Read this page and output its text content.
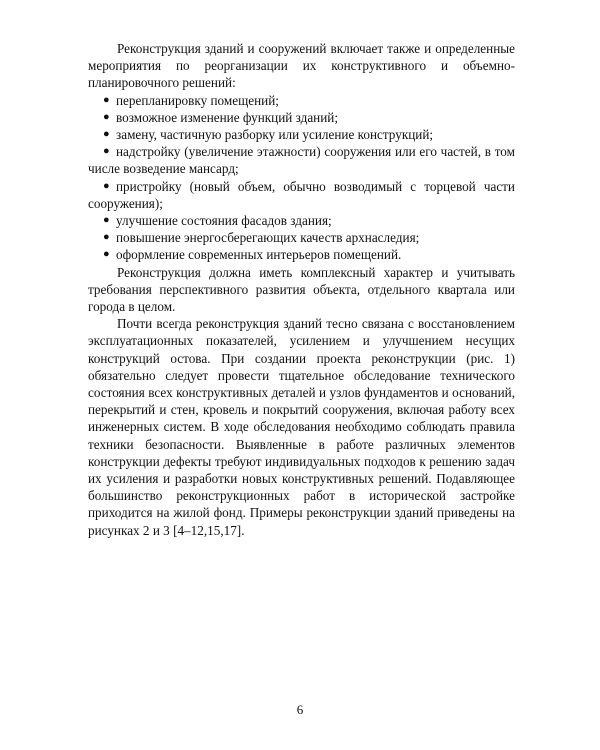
Реконструкция зданий и сооружений включает также и определенные мероприятия по реорганизации их конструктивного и объемно-планировочного решений:

● перепланировку помещений;
● возможное изменение функций зданий;
● замену, частичную разборку или усиление конструкций;
● надстройку (увеличение этажности) сооружения или его частей, в том числе возведение мансард;
● пристройку (новый объем, обычно возводимый с торцевой части сооружения);
● улучшение состояния фасадов здания;
● повышение энергосберегающих качеств архнаследия;
● оформление современных интерьеров помещений.

Реконструкция должна иметь комплексный характер и учитывать требования перспективного развития объекта, отдельного квартала или города в целом.

Почти всегда реконструкция зданий тесно связана с восстановлением эксплуатационных показателей, усилением и улучшением несущих конструкций остова. При создании проекта реконструкции (рис. 1) обязательно следует провести тщательное обследование технического состояния всех конструктивных деталей и узлов фундаментов и оснований, перекрытий и стен, кровель и покрытий сооружения, включая работу всех инженерных систем. В ходе обследования необходимо соблюдать правила техники безопасности. Выявленные в работе различных элементов конструкции дефекты требуют индивидуальных подходов к решению задач их усиления и разработки новых конструктивных решений. Подавляющее большинство реконструкционных работ в исторической застройке приходится на жилой фонд. Примеры реконструкции зданий приведены на рисунках 2 и 3 [4–12,15,17].

6
